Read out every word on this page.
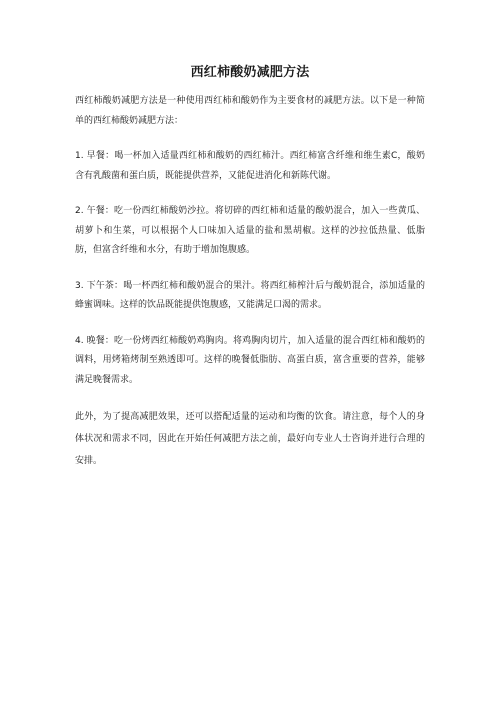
西红柿酸奶减肥方法

西红柿酸奶减肥方法是一种使用西红柿和酸奶作为主要食材的减肥方法。以下是一种简单的西红柿酸奶减肥方法：

1. 早餐：喝一杯加入适量西红柿和酸奶的西红柿汁。西红柿富含纤维和维生素C，酸奶含有乳酸菌和蛋白质，既能提供营养，又能促进消化和新陈代谢。

2. 午餐：吃一份西红柿酸奶沙拉。将切碎的西红柿和适量的酸奶混合，加入一些黄瓜、胡萝卜和生菜，可以根据个人口味加入适量的盐和黑胡椒。这样的沙拉低热量、低脂肪，但富含纤维和水分，有助于增加饱腹感。

3. 下午茶：喝一杯西红柿和酸奶混合的果汁。将西红柿榨汁后与酸奶混合，添加适量的蜂蜜调味。这样的饮品既能提供饱腹感，又能满足口渴的需求。

4. 晚餐：吃一份烤西红柿酸奶鸡胸肉。将鸡胸肉切片，加入适量的混合西红柿和酸奶的调料，用烤箱烤制至熟透即可。这样的晚餐低脂肪、高蛋白质，富含重要的营养，能够满足晚餐需求。

此外，为了提高减肥效果，还可以搭配适量的运动和均衡的饮食。请注意，每个人的身体状况和需求不同，因此在开始任何减肥方法之前，最好向专业人士咨询并进行合理的安排。
